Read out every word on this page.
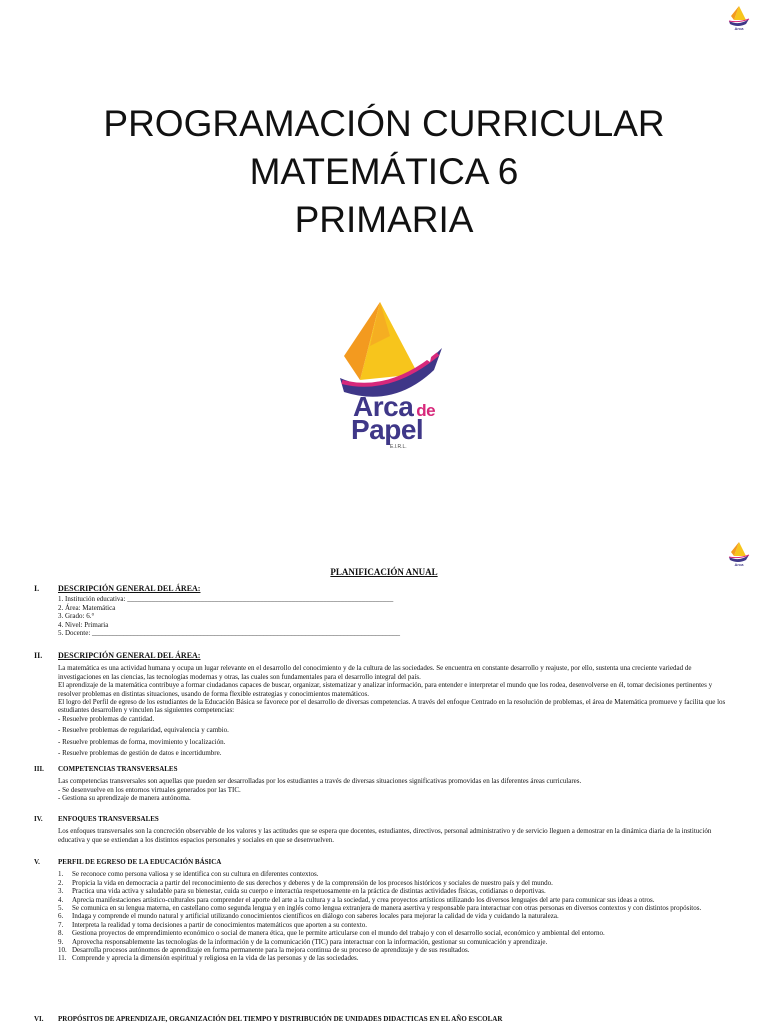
Arca
Arca
PROGRAMACIÓN CURRICULAR
MATEMÁTICA 6
PRIMARIA
Arca de
Papel
E.I.R.L.
PLANIFICACIÓN ANUAL
I. DESCRIPCIÓN GENERAL DEL ÁREA:
1. Institución educativa: ____________________________________________________________________________
2. Área: Matemática
3. Grado: 6.°
4. Nivel: Primaria
5. Docente: ________________________________________________________________________________________
II. DESCRIPCIÓN GENERAL DEL ÁREA:

La matemática es una actividad humana y ocupa un lugar relevante en el desarrollo del conocimiento y de la cultura de las sociedades. Se encuentra en constante desarrollo y reajuste, por ello, sustenta una creciente variedad de investigaciones en las ciencias, las tecnologías modernas y otras, las cuales son fundamentales para el desarrollo integral del país.

El aprendizaje de la matemática contribuye a formar ciudadanos capaces de buscar, organizar, sistematizar y analizar información, para entender e interpretar el mundo que los rodea, desenvolverse en él, tomar decisiones pertinentes y resolver problemas en distintas situaciones, usando de forma flexible estrategias y conocimientos matemáticos.

El logro del Perfil de egreso de los estudiantes de la Educación Básica se favorece por el desarrollo de diversas competencias. A través del enfoque Centrado en la resolución de problemas, el área de Matemática promueve y facilita que los estudiantes desarrollen y vinculen las siguientes competencias:

- Resuelve problemas de cantidad.
- Resuelve problemas de regularidad, equivalencia y cambio.
- Resuelve problemas de forma, movimiento y localización.
- Resuelve problemas de gestión de datos e incertidumbre.
III. COMPETENCIAS TRANSVERSALES

Las competencias transversales son aquellas que pueden ser desarrolladas por los estudiantes a través de diversas situaciones significativas promovidas en las diferentes áreas curriculares.

- Se desenvuelve en los entornos virtuales generados por las TIC.
- Gestiona su aprendizaje de manera autónoma.
IV. ENFOQUES TRANSVERSALES

Los enfoques transversales son la concreción observable de los valores y las actitudes que se espera que docentes, estudiantes, directivos, personal administrativo y de servicio lleguen a demostrar en la dinámica diaria de la institución educativa y que se extiendan a los distintos espacios personales y sociales en que se desenvuelven.

V.	PERFIL DE EGRESO DE LA EDUCACIÓN BÁSICA
1. Se reconoce como persona valiosa y se identifica con su cultura en diferentes contextos.
2. Propicia la vida en democracia a partir del reconocimiento de sus derechos y deberes y de la comprensión de los procesos históricos y sociales de nuestro país y del mundo.
3. Practica una vida activa y saludable para su bienestar, cuida su cuerpo e interactúa respetuosamente en la práctica de distintas actividades físicas, cotidianas o deportivas.
4. Aprecia manifestaciones artístico-culturales para comprender el aporte del arte a la cultura y a la sociedad, y crea proyectos artísticos utilizando los diversos lenguajes del arte para comunicar sus ideas a otros.
5. Se comunica en su lengua materna, en castellano como segunda lengua y en inglés como lengua extranjera de manera asertiva y responsable para interactuar con otras personas en diversos contextos y con distintos propósitos.
6. Indaga y comprende el mundo natural y artificial utilizando conocimientos científicos en diálogo con saberes locales para mejorar la calidad de vida y cuidando la naturaleza.
7. Interpreta la realidad y toma decisiones a partir de conocimientos matemáticos que aporten a su contexto.
8. Gestiona proyectos de emprendimiento económico o social de manera ética, que le permite articularse con el mundo del trabajo y con el desarrollo social, económico y ambiental del entorno.
9. Aprovecha responsablemente las tecnologías de la información y de la comunicación (TIC) para interactuar con la información, gestionar su comunicación y aprendizaje.
10. Desarrolla procesos autónomos de aprendizaje en forma permanente para la mejora continua de su proceso de aprendizaje y de sus resultados.
11. Comprende y aprecia la dimensión espiritual y religiosa en la vida de las personas y de las sociedades.
VI. PROPÓSITOS DE APRENDIZAJE, ORGANIZACIÓN DEL TIEMPO Y DISTRIBUCIÓN DE UNIDADES DIDACTICAS EN EL AÑO ESCOLAR
